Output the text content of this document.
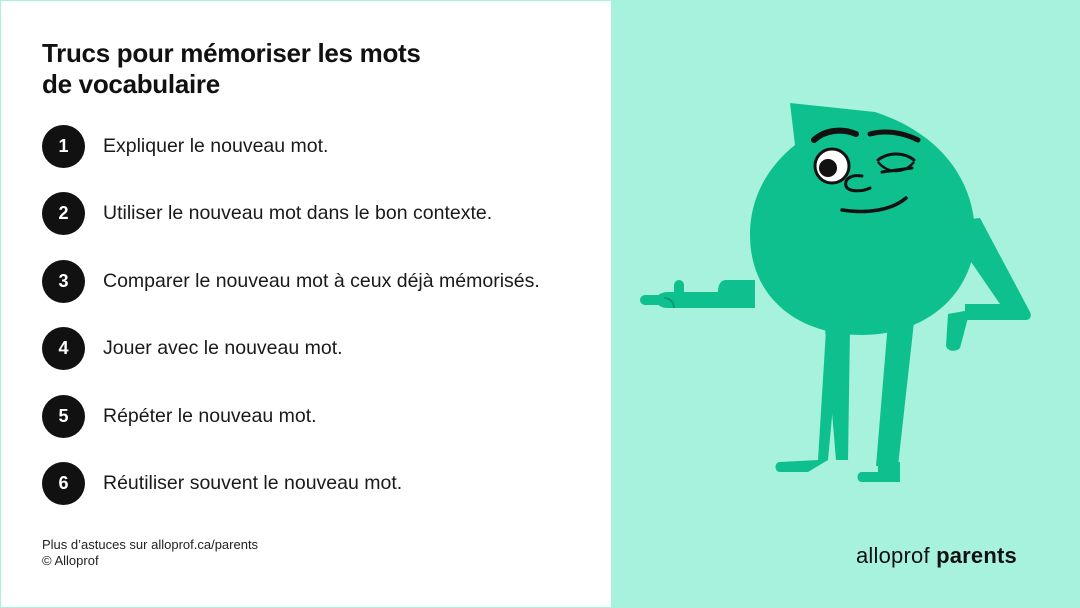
Trucs pour mémoriser les mots
de vocabulaire
1	Expliquer le nouveau mot.
2	Utiliser le nouveau mot dans le bon contexte.
3	Comparer le nouveau mot à ceux déjà mémorisés.
4	Jouer avec le nouveau mot.
5	Répéter le nouveau mot.
6	Réutiliser souvent le nouveau mot.
Plus d’astuces sur alloprof.ca/parents
© Alloprof	alloprof parents
